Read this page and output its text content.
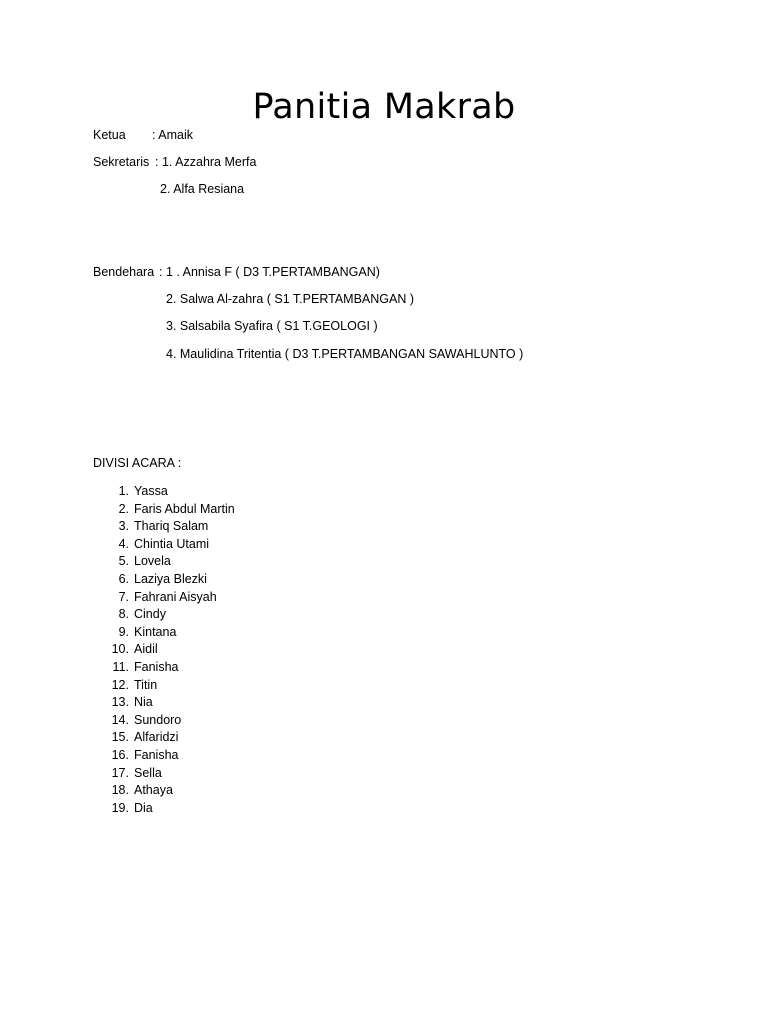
Panitia Makrab
Ketua : Amaik
Sekretaris : 1. Azzahra Merfa
2. Alfa Resiana
Bendehara : 1 . Annisa F ( D3 T.PERTAMBANGAN)
2. Salwa Al-zahra ( S1 T.PERTAMBANGAN )
3. Salsabila Syafira ( S1 T.GEOLOGI )
4. Maulidina Tritentia ( D3 T.PERTAMBANGAN SAWAHLUNTO )
DIVISI ACARA :
1. Yassa
2. Faris Abdul Martin
3. Thariq Salam
4. Chintia Utami
5. Lovela
6. Laziya Blezki
7. Fahrani Aisyah
8. Cindy
9. Kintana
10. Aidil
11. Fanisha
12. Titin
13. Nia
14. Sundoro
15. Alfaridzi
16. Fanisha
17. Sella
18. Athaya
19. Dia
